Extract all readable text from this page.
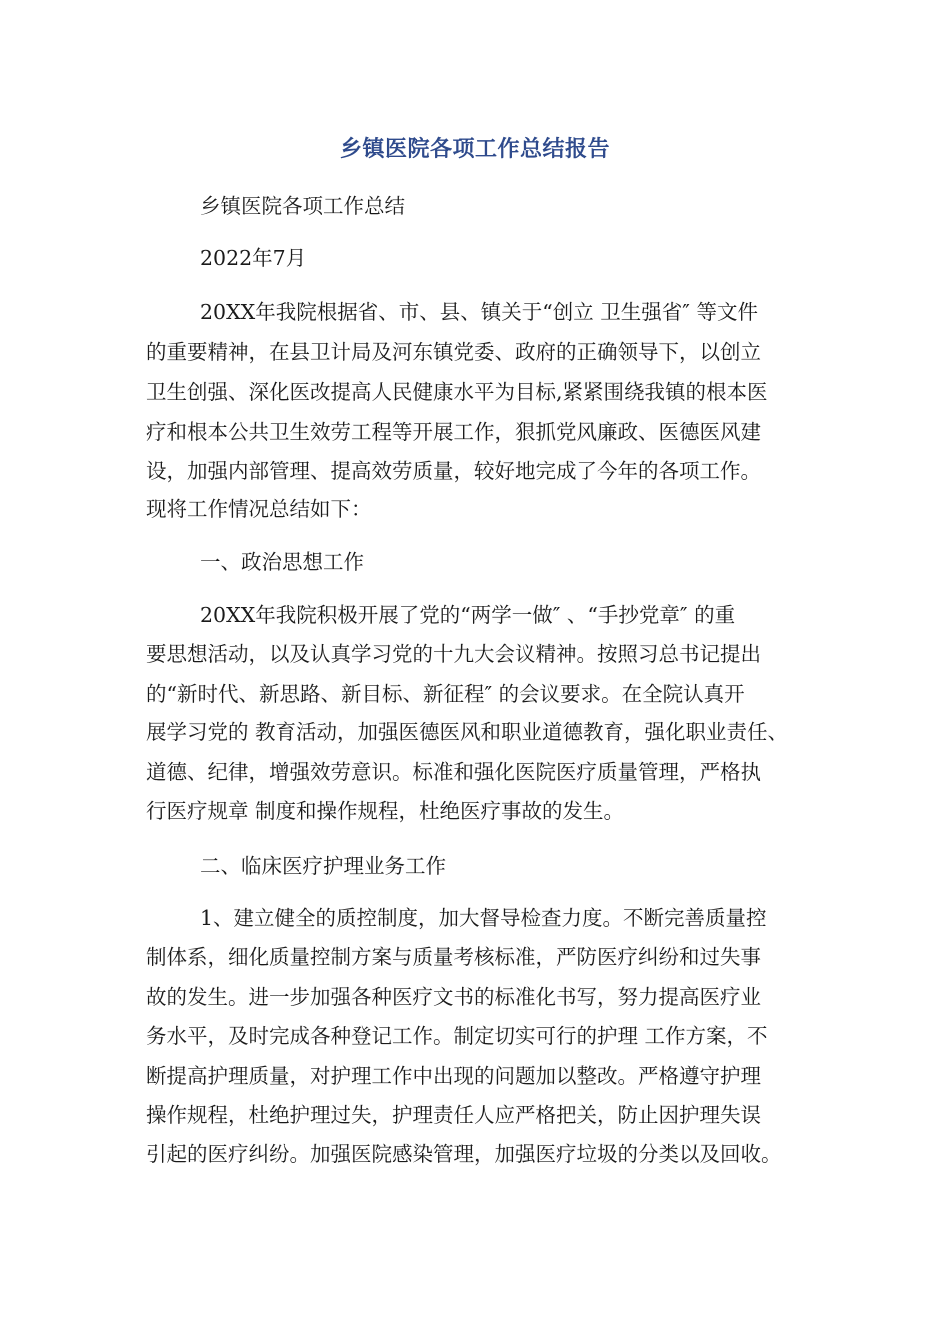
乡镇医院各项工作总结报告
乡镇医院各项工作总结
2022年7月
20XX年我院根据省、市、县、镇关于“创立 卫生强省″ 等文件
的重要精神，在县卫计局及河东镇党委、政府的正确领导下，以创立
卫生创强、深化医改提高人民健康水平为目标,紧紧围绕我镇的根本医
疗和根本公共卫生效劳工程等开展工作，狠抓党风廉政、医德医风建
设，加强内部管理、提高效劳质量，较好地完成了今年的各项工作。
现将工作情况总结如下：
一、政治思想工作
20XX年我院积极开展了党的“两学一做″ 、“手抄党章″ 的重
要思想活动，以及认真学习党的十九大会议精神。按照习总书记提出
的“新时代、新思路、新目标、新征程″ 的会议要求。在全院认真开
展学习党的 教育活动，加强医德医风和职业道德教育，强化职业责任、
道德、纪律，增强效劳意识。标准和强化医院医疗质量管理，严格执
行医疗规章 制度和操作规程，杜绝医疗事故的发生。
二、临床医疗护理业务工作
1、建立健全的质控制度，加大督导检查力度。不断完善质量控
制体系，细化质量控制方案与质量考核标准，严防医疗纠纷和过失事
故的发生。进一步加强各种医疗文书的标准化书写，努力提高医疗业
务水平，及时完成各种登记工作。制定切实可行的护理 工作方案，不
断提高护理质量，对护理工作中出现的问题加以整改。严格遵守护理
操作规程，杜绝护理过失，护理责任人应严格把关，防止因护理失误
引起的医疗纠纷。加强医院感染管理，加强医疗垃圾的分类以及回收。
